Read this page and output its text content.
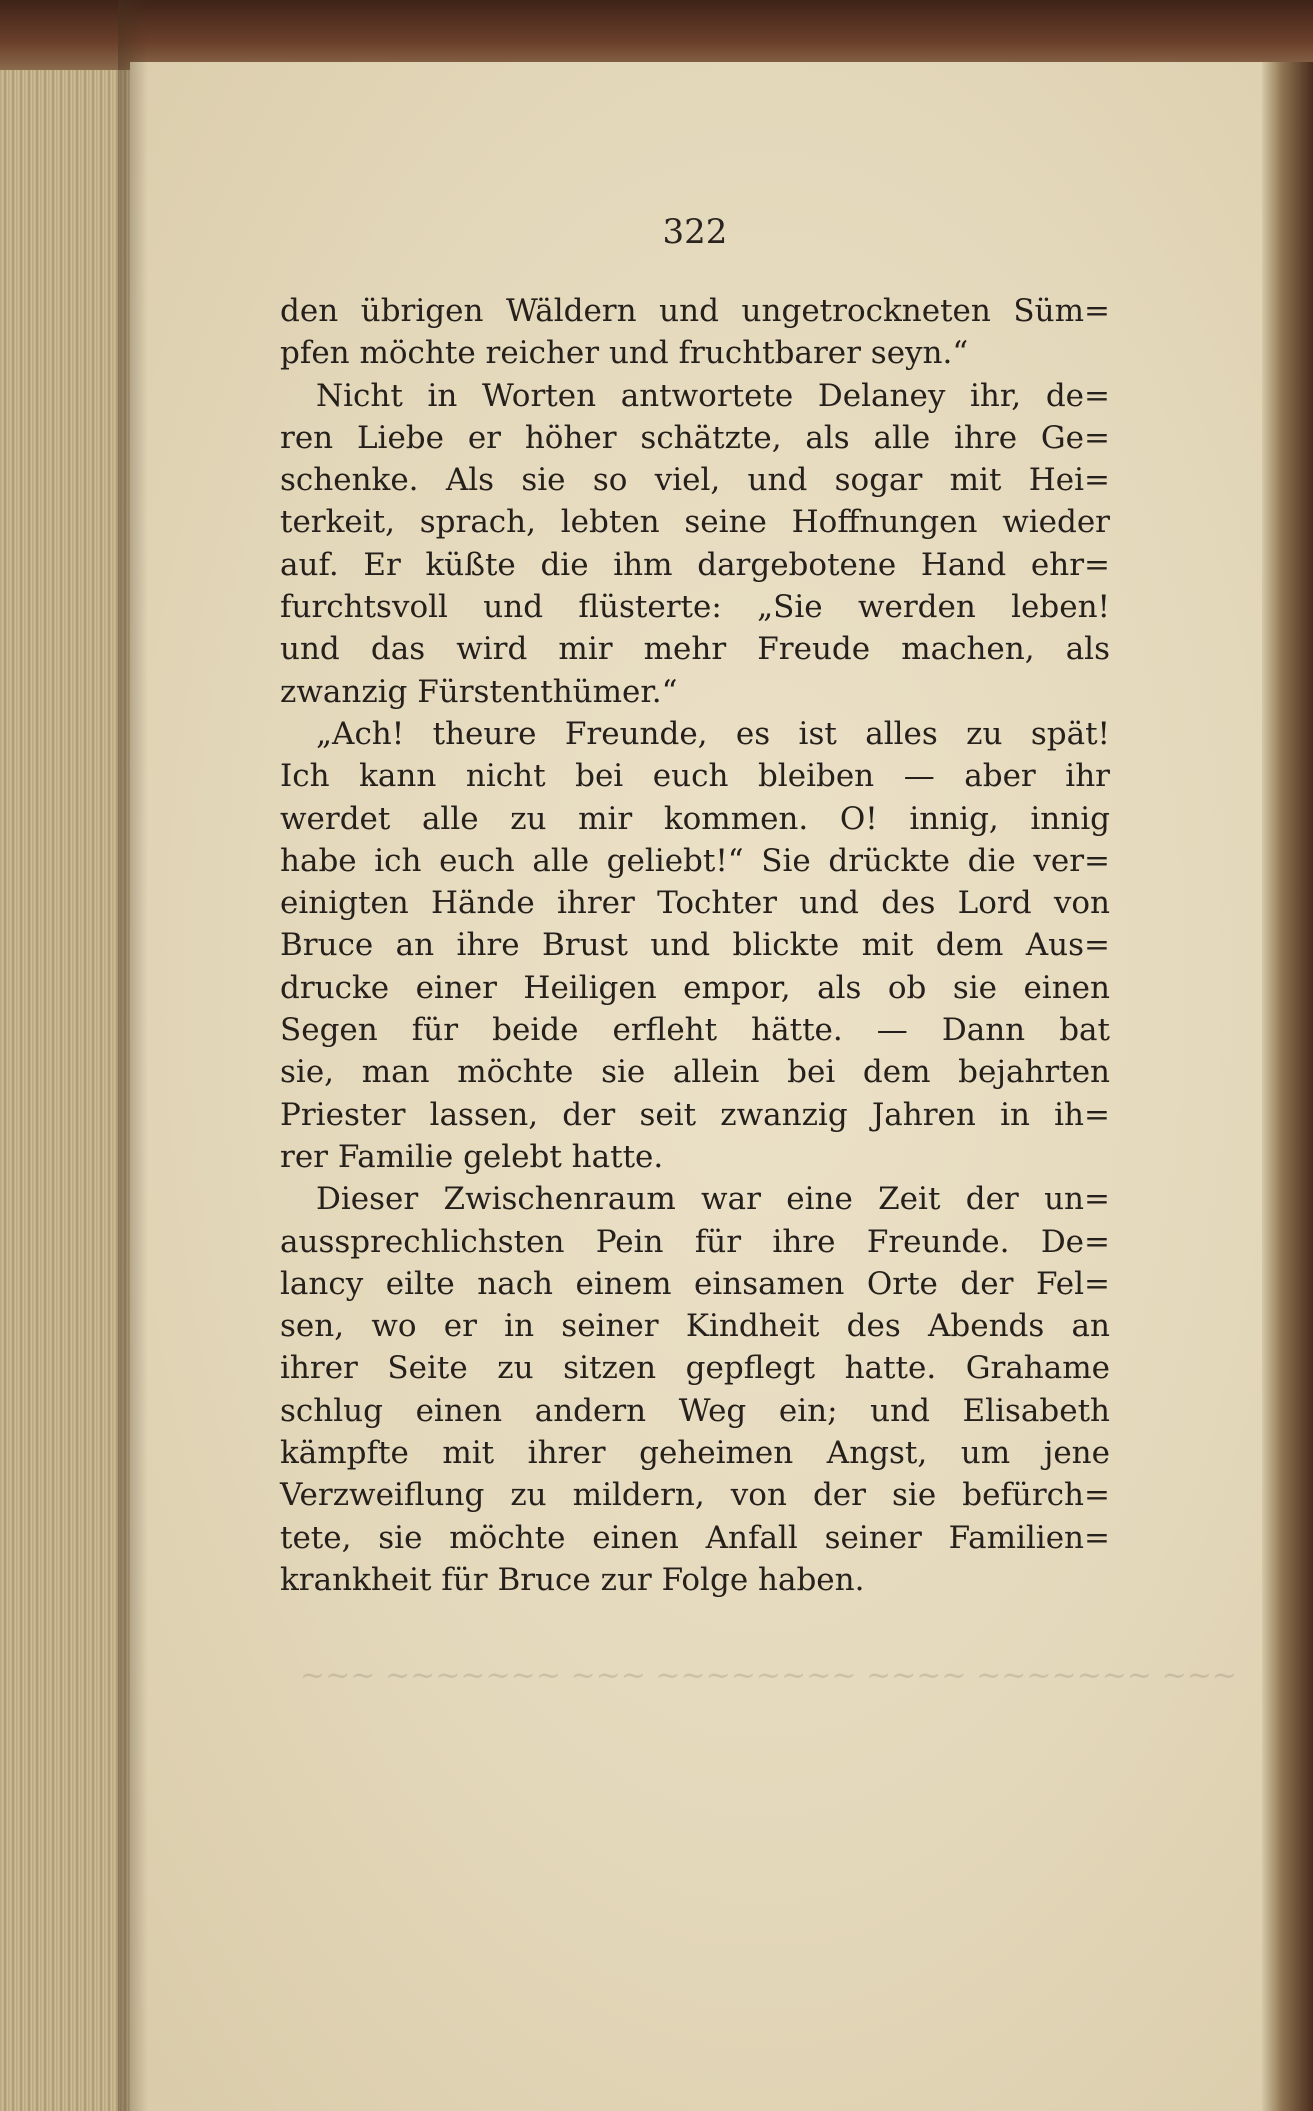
322

den übrigen Wäldern und ungetrockneten Süm=
pfen möchte reicher und fruchtbarer seyn.“
Nicht in Worten antwortete Delaney ihr, de=
ren Liebe er höher schätzte, als alle ihre Ge=
schenke. Als sie so viel, und sogar mit Hei=
terkeit, sprach, lebten seine Hoffnungen wieder
auf. Er küßte die ihm dargebotene Hand ehr=
furchtsvoll und flüsterte: „Sie werden leben!
und das wird mir mehr Freude machen, als
zwanzig Fürstenthümer.“
„Ach! theure Freunde, es ist alles zu spät!
Ich kann nicht bei euch bleiben — aber ihr
werdet alle zu mir kommen. O! innig, innig
habe ich euch alle geliebt!“ Sie drückte die ver=
einigten Hände ihrer Tochter und des Lord von
Bruce an ihre Brust und blickte mit dem Aus=
drucke einer Heiligen empor, als ob sie einen
Segen für beide erfleht hätte. — Dann bat
sie, man möchte sie allein bei dem bejahrten
Priester lassen, der seit zwanzig Jahren in ih=
rer Familie gelebt hatte.
Dieser Zwischenraum war eine Zeit der un=
aussprechlichsten Pein für ihre Freunde. De=
lancy eilte nach einem einsamen Orte der Fel=
sen, wo er in seiner Kindheit des Abends an
ihrer Seite zu sitzen gepflegt hatte. Grahame
schlug einen andern Weg ein; und Elisabeth
kämpfte mit ihrer geheimen Angst, um jene
Verzweiflung zu mildern, von der sie befürch=
tete, sie möchte einen Anfall seiner Familien=
krankheit für Bruce zur Folge haben.
~~~ ~~~~~~~ ~~~ ~~~~~~~~ ~~~~ ~~~~~~~ ~~~
